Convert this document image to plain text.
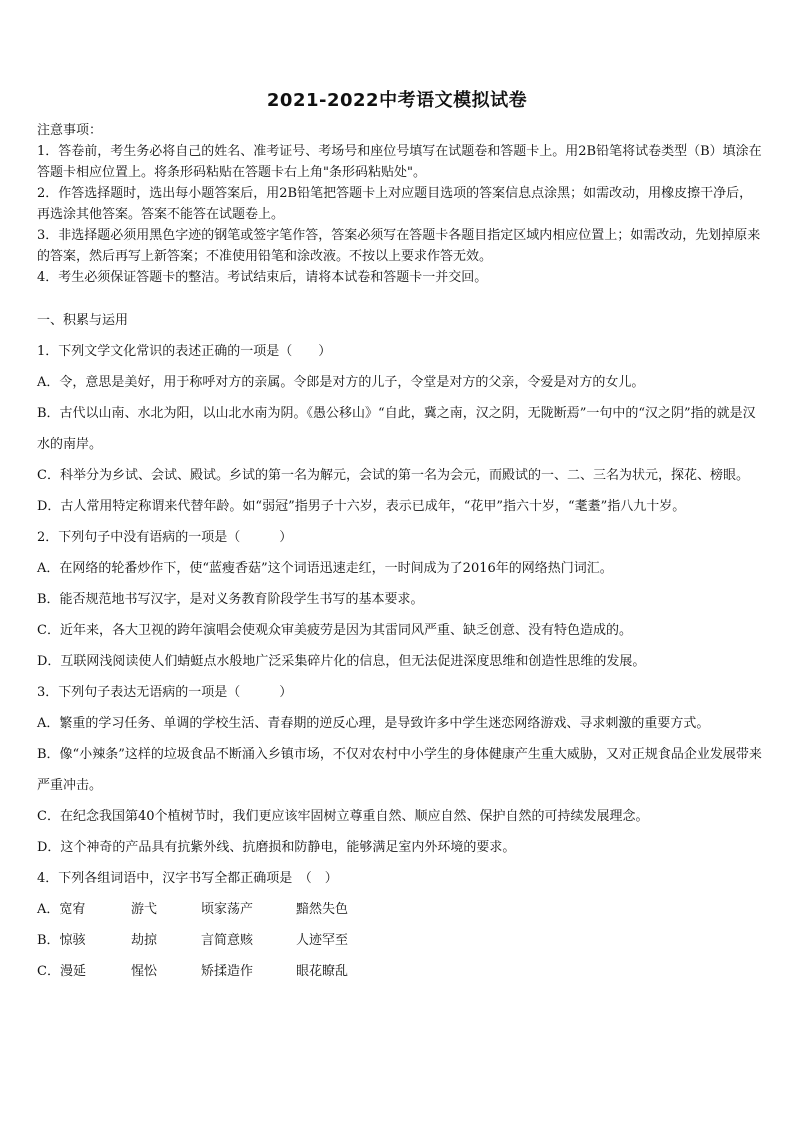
2021-2022中考语文模拟试卷

注意事项：

1．答卷前，考生务必将自己的姓名、准考证号、考场号和座位号填写在试题卷和答题卡上。用2B铅笔将试卷类型（B）填涂在答题卡相应位置上。将条形码粘贴在答题卡右上角"条形码粘贴处"。

2．作答选择题时，选出每小题答案后，用2B铅笔把答题卡上对应题目选项的答案信息点涂黑；如需改动，用橡皮擦干净后，再选涂其他答案。答案不能答在试题卷上。

3．非选择题必须用黑色字迹的钢笔或签字笔作答，答案必须写在答题卡各题目指定区域内相应位置上；如需改动，先划掉原来的答案，然后再写上新答案；不准使用铅笔和涂改液。不按以上要求作答无效。

4．考生必须保证答题卡的整洁。考试结束后，请将本试卷和答题卡一并交回。

一、积累与运用

1．下列文学文化常识的表述正确的一项是（　　）

A．令，意思是美好，用于称呼对方的亲属。令郎是对方的儿子，令堂是对方的父亲，令爱是对方的女儿。

B．古代以山南、水北为阳，以山北水南为阴。《愚公移山》“自此，冀之南，汉之阴，无陇断焉”一句中的“汉之阴”指的就是汉水的南岸。

C．科举分为乡试、会试、殿试。乡试的第一名为解元，会试的第一名为会元，而殿试的一、二、三名为状元，探花、榜眼。

D．古人常用特定称谓来代替年龄。如“弱冠”指男子十六岁，表示已成年，“花甲”指六十岁，“耄耋”指八九十岁。

2．下列句子中没有语病的一项是（　　　）

A．在网络的轮番炒作下，使“蓝瘦香菇”这个词语迅速走红，一时间成为了2016年的网络热门词汇。

B．能否规范地书写汉字，是对义务教育阶段学生书写的基本要求。

C．近年来，各大卫视的跨年演唱会使观众审美疲劳是因为其雷同风严重、缺乏创意、没有特色造成的。

D．互联网浅阅读使人们蜻蜓点水般地广泛采集碎片化的信息，但无法促进深度思维和创造性思维的发展。

3．下列句子表达无语病的一项是（　　　）

A．繁重的学习任务、单调的学校生活、青春期的逆反心理，是导致许多中学生迷恋网络游戏、寻求刺激的重要方式。

B．像“小辣条”这样的垃圾食品不断涌入乡镇市场，不仅对农村中小学生的身体健康产生重大威胁，又对正规食品企业发展带来严重冲击。

C．在纪念我国第40个植树节时，我们更应该牢固树立尊重自然、顺应自然、保护自然的可持续发展理念。

D．这个神奇的产品具有抗紫外线、抗磨损和防静电，能够满足室内外环境的要求。

4．下列各组词语中，汉字书写全都正确项是　（　）

A．宽宥	游弋	顷家荡产	黯然失色
B．惊骇	劫掠	言简意赅	人迹罕至
C．漫延	惺忪	矫揉造作	眼花瞭乱
